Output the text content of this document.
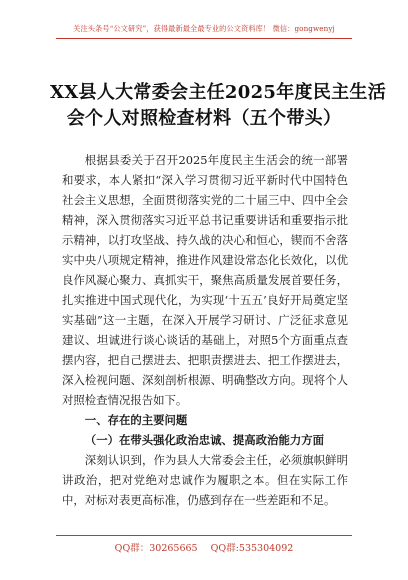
关注头条号“公文研究”，获得最新最全最专业的公文资料库！ 微信：gongwenyj
XX县人大常委会主任2025年度民主生活
会个人对照检查材料（五个带头）

根据县委关于召开2025年度民主生活会的统一部署和要求，本人紧扣“深入学习贯彻习近平新时代中国特色社会主义思想，全面贯彻落实党的二十届三中、四中全会精神，深入贯彻落实习近平总书记重要讲话和重要指示批示精神，以打攻坚战、持久战的决心和恒心，锲而不舍落实中央八项规定精神，推进作风建设常态化长效化，以优良作风凝心聚力、真抓实干，聚焦高质量发展首要任务，扎实推进中国式现代化，为实现‘十五五’良好开局奠定坚实基础”这一主题，在深入开展学习研讨、广泛征求意见建议、坦诚进行谈心谈话的基础上，对照5个方面重点查摆内容，把自己摆进去、把职责摆进去、把工作摆进去，深入检视问题、深刻剖析根源、明确整改方向。现将个人对照检查情况报告如下。

一、存在的主要问题

（一）在带头强化政治忠诚、提高政治能力方面

深刻认识到，作为县人大常委会主任，必须旗帜鲜明讲政治，把对党绝对忠诚作为履职之本。但在实际工作中，对标对表更高标准，仍感到存在一些差距和不足。

QQ群：30265665 QQ群:535304092
